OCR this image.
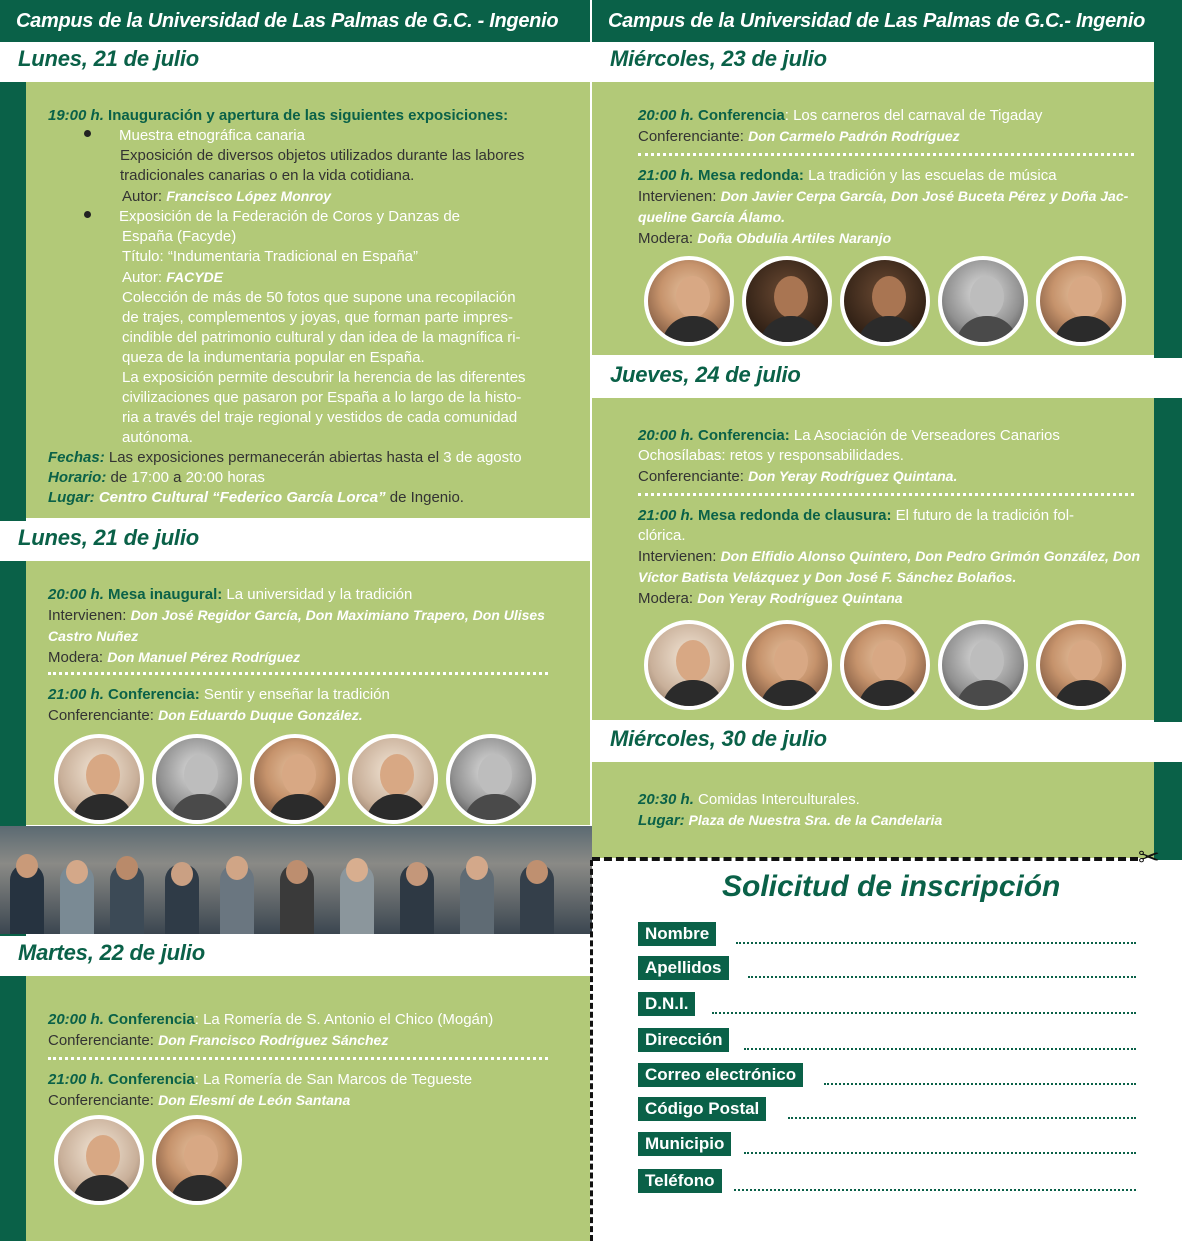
Campus de la Universidad de Las Palmas de G.C. - Ingenio
Lunes, 21 de julio
19:00 h. Inauguración y apertura de las siguientes exposiciones:
Muestra etnográfica canaria
Exposición de diversos objetos utilizados durante las labores
tradicionales canarias o en la vida cotidiana.
Autor: Francisco López Monroy
Exposición de la Federación de Coros y Danzas de
España (Facyde)
Título: “Indumentaria Tradicional en España”
Autor: FACYDE
Colección de más de 50 fotos que supone una recopilación
de trajes, complementos y joyas, que forman parte impres-
cindible del patrimonio cultural y dan idea de la magnífica ri-
queza de la indumentaria popular en España.
La exposición permite descubrir la herencia de las diferentes
civilizaciones que pasaron por España a lo largo de la histo-
ria a través del traje regional y vestidos de cada comunidad
autónoma.
Fechas: Las exposiciones permanecerán abiertas hasta el 3 de agosto
Horario: de 17:00 a 20:00 horas
Lugar: Centro Cultural “Federico García Lorca” de Ingenio.
Lunes, 21 de julio
20:00 h. Mesa inaugural: La universidad y la tradición
Intervienen: Don José Regidor García, Don Maximiano Trapero, Don Ulises
Castro Nuñez
Modera: Don Manuel Pérez Rodríguez
21:00 h. Conferencia: Sentir y enseñar la tradición
Conferenciante: Don Eduardo Duque González.
Martes, 22 de julio
20:00 h. Conferencia: La Romería de S. Antonio el Chico (Mogán)
Conferenciante: Don Francisco Rodríguez Sánchez
21:00 h. Conferencia: La Romería de San Marcos de Tegueste
Conferenciante: Don Elesmí de León Santana
Campus de la Universidad de Las Palmas de G.C.- Ingenio
Miércoles, 23 de julio
20:00 h. Conferencia: Los carneros del carnaval de Tigaday
Conferenciante: Don Carmelo Padrón Rodríguez
21:00 h. Mesa redonda: La tradición y las escuelas de música
Intervienen: Don Javier Cerpa García, Don José Buceta Pérez y Doña Jac-
queline García Álamo.
Modera: Doña Obdulia Artiles Naranjo
Jueves, 24 de julio
20:00 h. Conferencia: La Asociación de Verseadores Canarios
Ochosílabas: retos y responsabilidades.
Conferenciante: Don Yeray Rodríguez Quintana.
21:00 h. Mesa redonda de clausura: El futuro de la tradición fol-
clórica.
Intervienen: Don Elfidio Alonso Quintero, Don Pedro Grimón González, Don
Víctor Batista Velázquez y Don José F. Sánchez Bolaños.
Modera: Don Yeray Rodríguez Quintana
Miércoles, 30 de julio
20:30 h. Comidas Interculturales.
Lugar: Plaza de Nuestra Sra. de la Candelaria
✂
Solicitud de inscripción
Nombre
Apellidos
D.N.I.
Dirección
Correo electrónico
Código Postal
Municipio
Teléfono
